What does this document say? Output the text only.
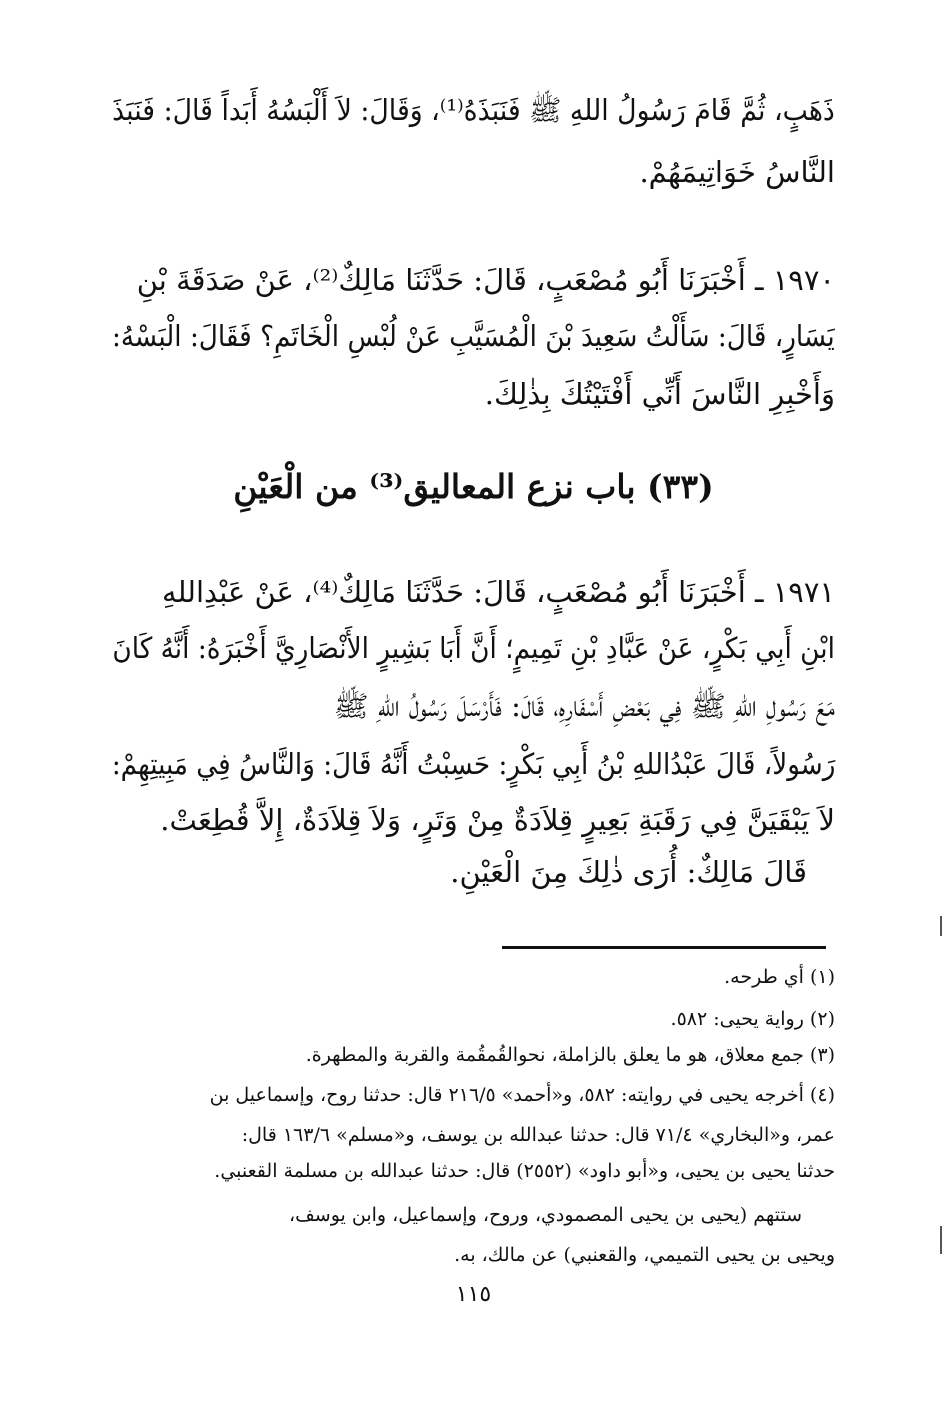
ذَهَبٍ، ثُمَّ قَامَ رَسُولُ اللهِ ﷺ فَنَبَذَهُ⁽¹⁾، وَقَالَ: لاَ أَلْبَسُهُ أَبَداً قَالَ: فَنَبَذَ
النَّاسُ خَوَاتِيمَهُمْ.
١٩٧٠ ـ أَخْبَرَنَا أَبُو مُصْعَبٍ، قَالَ: حَدَّثَنَا مَالِكٌ⁽²⁾، عَنْ صَدَقَةَ بْنِ
يَسَارٍ، قَالَ: سَأَلْتُ سَعِيدَ بْنَ الْمُسَيَّبِ عَنْ لُبْسِ الْخَاتَمِ؟ فَقَالَ: الْبَسْهُ:
وَأَخْبِرِ النَّاسَ أَنِّي أَفْتَيْتُكَ بِذٰلِكَ.
(٣٣) باب نزع المعاليق⁽³⁾ من الْعَيْنِ
١٩٧١ ـ أَخْبَرَنَا أَبُو مُصْعَبٍ، قَالَ: حَدَّثَنَا مَالِكٌ⁽⁴⁾، عَنْ عَبْدِاللهِ
ابْنِ أَبِي بَكْرٍ، عَنْ عَبَّادِ بْنِ تَمِيمٍ؛ أَنَّ أَبَا بَشِيرٍ الأَنْصَارِيَّ أَخْبَرَهُ: أَنَّهُ كَانَ
مَعَ رَسُولِ اللهِ ﷺ فِي بَعْضِ أَسْفَارِهِ، قَالَ: فَأَرْسَلَ رَسُولُ اللهِ ﷺ
رَسُولاً، قَالَ عَبْدُاللهِ بْنُ أَبِي بَكْرٍ: حَسِبْتُ أَنَّهُ قَالَ: وَالنَّاسُ فِي مَبِيتِهِمْ:
لاَ يَبْقَيَنَّ فِي رَقَبَةِ بَعِيرٍ قِلاَدَةٌ مِنْ وَتَرٍ، وَلاَ قِلاَدَةٌ، إِلاَّ قُطِعَتْ.
قَالَ مَالِكٌ: أُرَى ذٰلِكَ مِنَ الْعَيْنِ.
(١) أي طرحه.
(٢) رواية يحيى: ٥٨٢.
(٣) جمع معلاق، هو ما يعلق بالزاملة، نحوالقُمقُمة والقربة والمطهرة.
(٤) أخرجه يحيى في روايته: ٥٨٢، و«أحمد» ٢١٦/٥ قال: حدثنا روح، وإسماعيل بن
عمر، و«البخاري» ٧١/٤ قال: حدثنا عبدالله بن يوسف، و«مسلم» ١٦٣/٦ قال:
حدثنا يحيى بن يحيى، و«أبو داود» (٢٥٥٢) قال: حدثنا عبدالله بن مسلمة القعنبي.
ستتهم (يحيى بن يحيى المصمودي، وروح، وإسماعيل، وابن يوسف،
ويحيى بن يحيى التميمي، والقعنبي) عن مالك، به.
١١٥
